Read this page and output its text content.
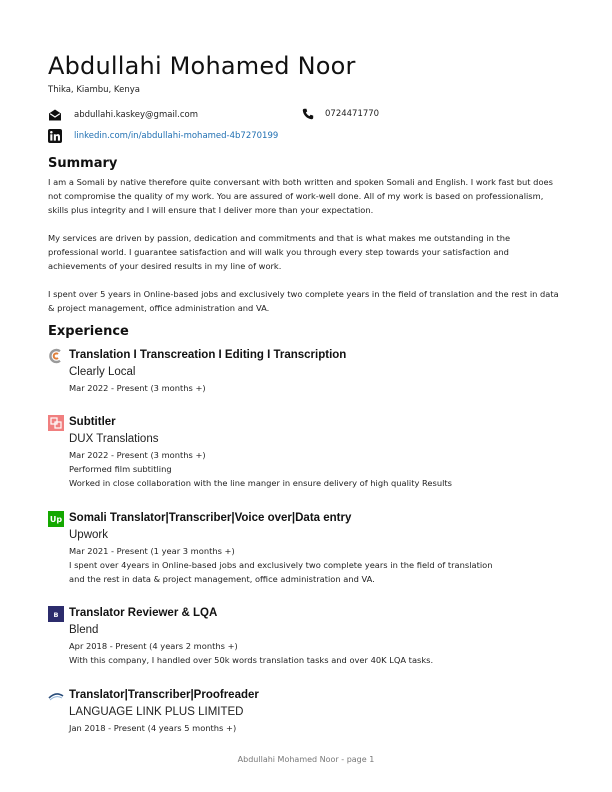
Abdullahi Mohamed Noor
Thika, Kiambu, Kenya
abdullahi.kaskey@gmail.com	0724471770
linkedin.com/in/abdullahi-mohamed-4b7270199
Summary
I am a Somali by native therefore quite conversant with both written and spoken Somali and English. I work fast but does not compromise the quality of my work. You are assured of work-well done. All of my work is based on professionalism, skills plus integrity and I will ensure that I deliver more than your expectation.
My services are driven by passion, dedication and commitments and that is what makes me outstanding in the professional world. I guarantee satisfaction and will walk you through every step towards your satisfaction and achievements of your desired results in my line of work.
I spent over 5 years in Online-based jobs and exclusively two complete years in the field of translation and the rest in data & project management, office administration and VA.
Experience
Translation I Transcreation I Editing I Transcription
Clearly Local
Mar 2022 - Present (3 months +)
Subtitler
DUX Translations
Mar 2022 - Present (3 months +)
Performed film subtitling
Worked in close collaboration with the line manger in ensure delivery of high quality Results
Up Somali Translator|Transcriber|Voice over|Data entry
Upwork
Mar 2021 - Present (1 year 3 months +)
I spent over 4years in Online-based jobs and exclusively two complete years in the field of translation
and the rest in data & project management, office administration and VA.
B Translator Reviewer & LQA
Blend
Apr 2018 - Present (4 years 2 months +)
With this company, I handled over 50k words translation tasks and over 40K LQA tasks.
Translator|Transcriber|Proofreader
LANGUAGE LINK PLUS LIMITED
Jan 2018 - Present (4 years 5 months +)
Abdullahi Mohamed Noor - page 1
